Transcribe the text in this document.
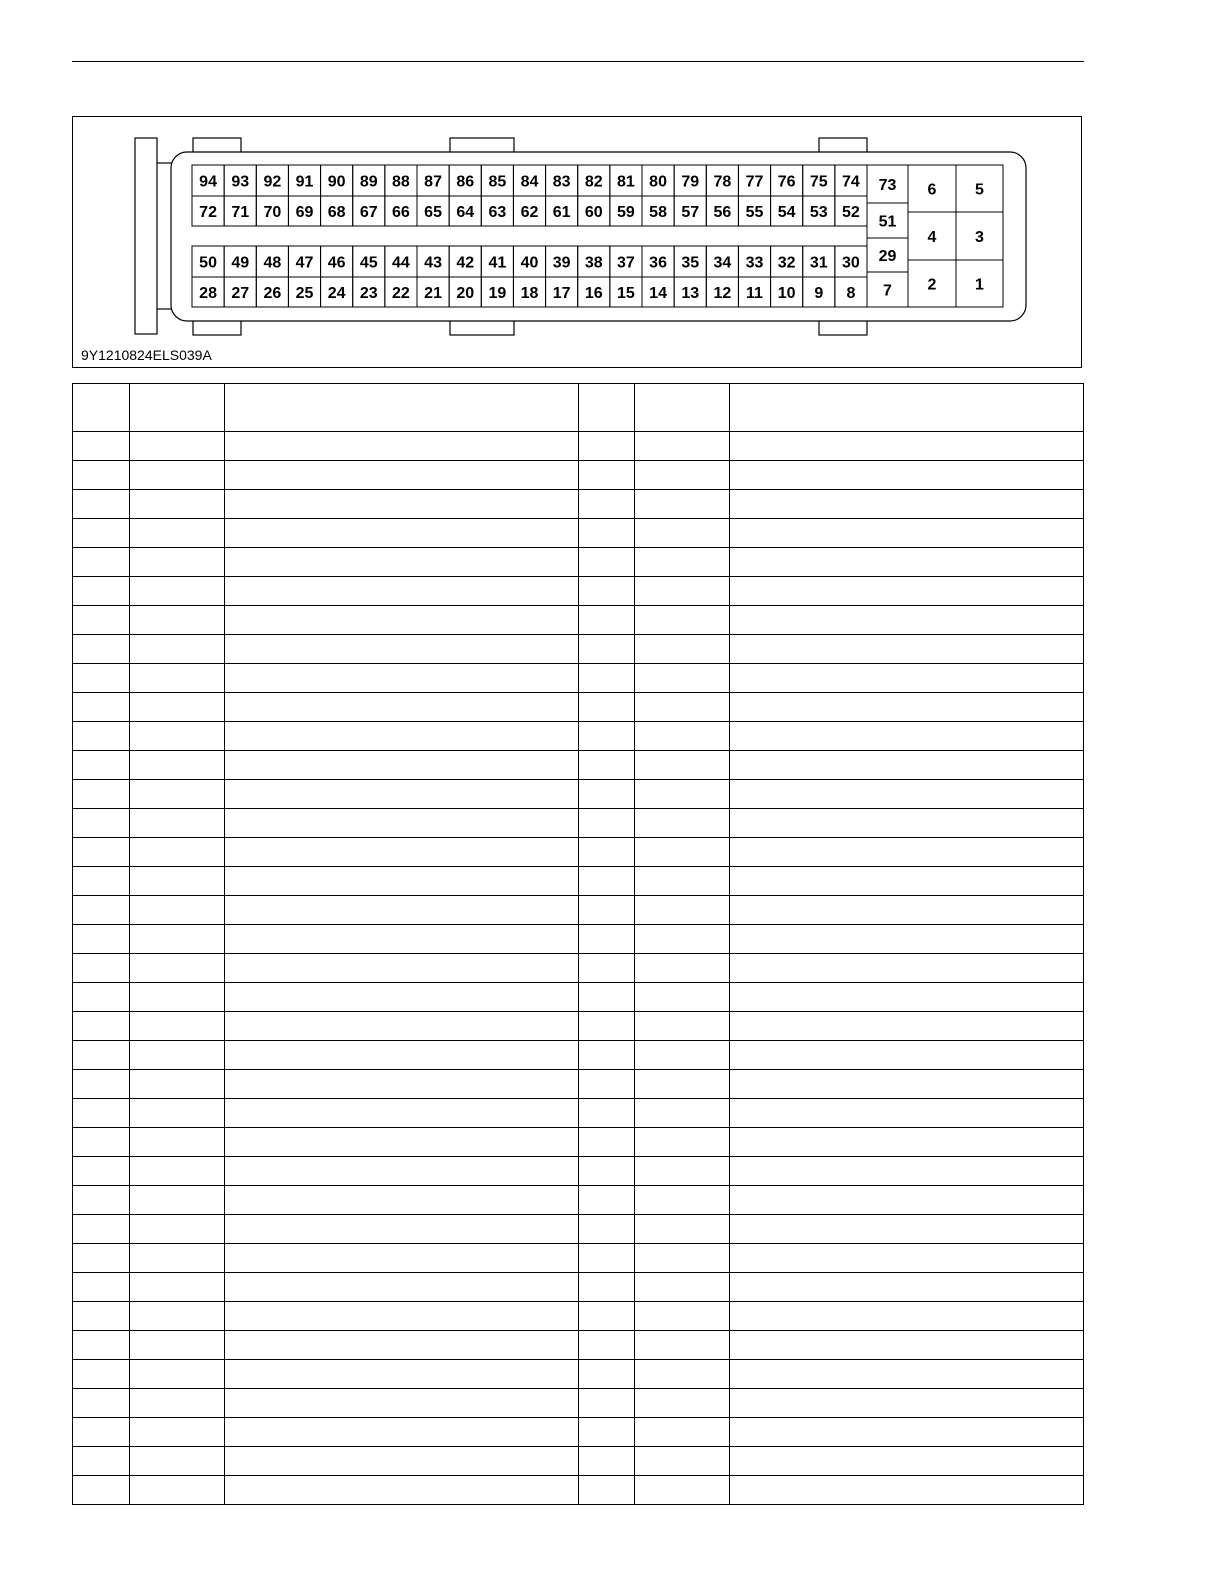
94 93 92 91 90 89 88 87 86 85 84 83 82 81 80 79 78 77 76 75 74
72 71 70 69 68 67 66 65 64 63 62 61 60 59 58 57 56 55 54 53 52
50 49 48 47 46 45 44 43 42 41 40 39 38 37 36 35 34 33 32 31 30
28 27 26 25 24 23 22 21 20 19 18 17 16 15 14 13 12 11 10 9 8
73
51
29
7
6 5
4 3
2 1
9Y1210824ELS039A
